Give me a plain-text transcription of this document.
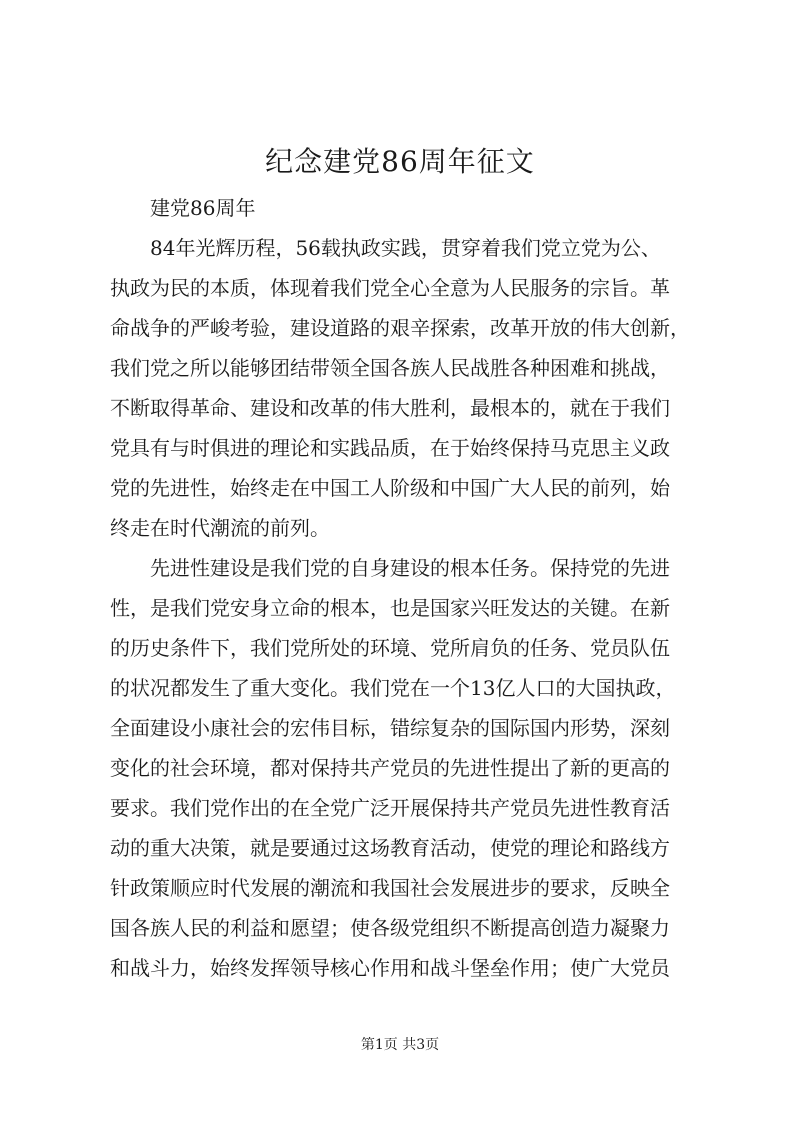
纪念建党86周年征文
建党86周年
84年光辉历程，56载执政实践，贯穿着我们党立党为公、
执政为民的本质，体现着我们党全心全意为人民服务的宗旨。革
命战争的严峻考验，建设道路的艰辛探索，改革开放的伟大创新，
我们党之所以能够团结带领全国各族人民战胜各种困难和挑战，
不断取得革命、建设和改革的伟大胜利，最根本的，就在于我们
党具有与时俱进的理论和实践品质，在于始终保持马克思主义政
党的先进性，始终走在中国工人阶级和中国广大人民的前列，始
终走在时代潮流的前列。
先进性建设是我们党的自身建设的根本任务。保持党的先进
性，是我们党安身立命的根本，也是国家兴旺发达的关键。在新
的历史条件下，我们党所处的环境、党所肩负的任务、党员队伍
的状况都发生了重大变化。我们党在一个13亿人口的大国执政，
全面建设小康社会的宏伟目标，错综复杂的国际国内形势，深刻
变化的社会环境，都对保持共产党员的先进性提出了新的更高的
要求。我们党作出的在全党广泛开展保持共产党员先进性教育活
动的重大决策，就是要通过这场教育活动，使党的理论和路线方
针政策顺应时代发展的潮流和我国社会发展进步的要求，反映全
国各族人民的利益和愿望；使各级党组织不断提高创造力凝聚力
和战斗力，始终发挥领导核心作用和战斗堡垒作用；使广大党员
第1页 共3页
